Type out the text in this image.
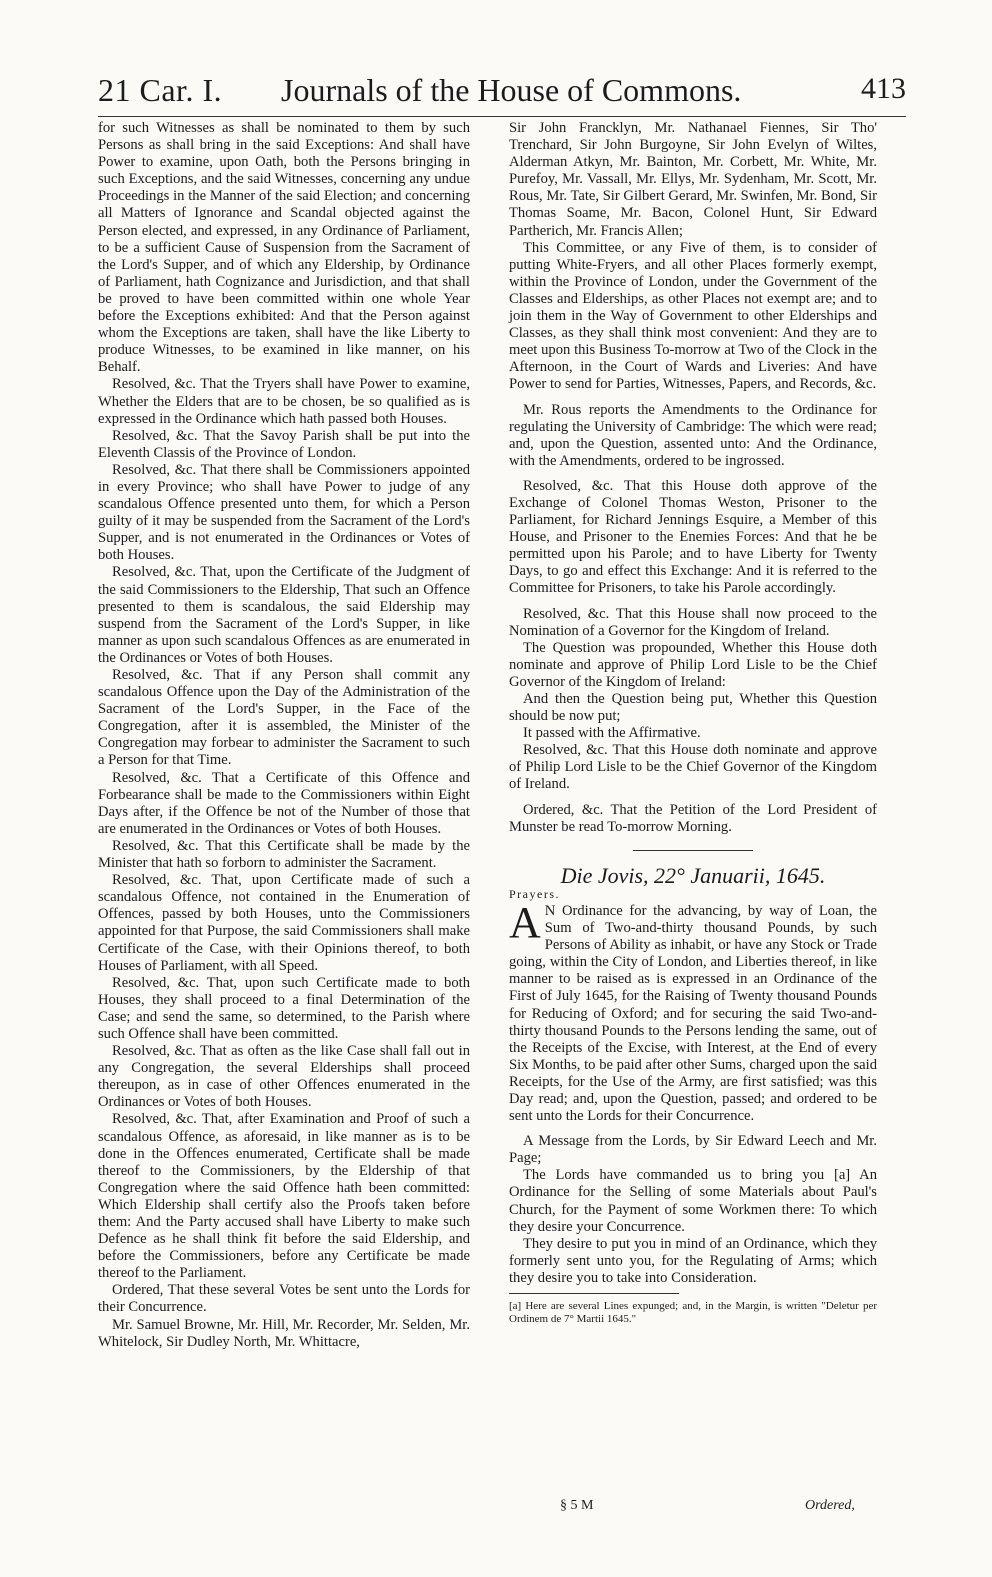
21 Car. I. Journals of the House of Commons.	413

for such Witnesses as shall be nominated to them by such Persons as shall bring in the said Exceptions: And shall have Power to examine, upon Oath, both the Persons bringing in such Exceptions, and the said Witnesses, concerning any undue Proceedings in the Manner of the said Election; and concerning all Matters of Ignorance and Scandal objected against the Person elected, and expressed, in any Ordinance of Parliament, to be a sufficient Cause of Suspension from the Sacrament of the Lord's Supper, and of which any Eldership, by Ordinance of Parliament, hath Cognizance and Jurisdiction, and that shall be proved to have been committed within one whole Year before the Exceptions exhibited: And that the Person against whom the Exceptions are taken, shall have the like Liberty to produce Witnesses, to be examined in like manner, on his Behalf.

Resolved, &c. That the Tryers shall have Power to examine, Whether the Elders that are to be chosen, be so qualified as is expressed in the Ordinance which hath passed both Houses.

Resolved, &c. That the Savoy Parish shall be put into the Eleventh Classis of the Province of London.

Resolved, &c. That there shall be Commissioners appointed in every Province; who shall have Power to judge of any scandalous Offence presented unto them, for which a Person guilty of it may be suspended from the Sacrament of the Lord's Supper, and is not enumerated in the Ordinances or Votes of both Houses.

Resolved, &c. That, upon the Certificate of the Judgment of the said Commissioners to the Eldership, That such an Offence presented to them is scandalous, the said Eldership may suspend from the Sacrament of the Lord's Supper, in like manner as upon such scandalous Offences as are enumerated in the Ordinances or Votes of both Houses.

Resolved, &c. That if any Person shall commit any scandalous Offence upon the Day of the Administration of the Sacrament of the Lord's Supper, in the Face of the Congregation, after it is assembled, the Minister of the Congregation may forbear to administer the Sacrament to such a Person for that Time.

Resolved, &c. That a Certificate of this Offence and Forbearance shall be made to the Commissioners within Eight Days after, if the Offence be not of the Number of those that are enumerated in the Ordinances or Votes of both Houses.

Resolved, &c. That this Certificate shall be made by the Minister that hath so forborn to administer the Sacrament.

Resolved, &c. That, upon Certificate made of such a scandalous Offence, not contained in the Enumeration of Offences, passed by both Houses, unto the Commissioners appointed for that Purpose, the said Commissioners shall make Certificate of the Case, with their Opinions thereof, to both Houses of Parliament, with all Speed.

Resolved, &c. That, upon such Certificate made to both Houses, they shall proceed to a final Determination of the Case; and send the same, so determined, to the Parish where such Offence shall have been committed.

Resolved, &c. That as often as the like Case shall fall out in any Congregation, the several Elderships shall proceed thereupon, as in case of other Offences enumerated in the Ordinances or Votes of both Houses.

Resolved, &c. That, after Examination and Proof of such a scandalous Offence, as aforesaid, in like manner as is to be done in the Offences enumerated, Certificate shall be made thereof to the Commissioners, by the Eldership of that Congregation where the said Offence hath been committed: Which Eldership shall certify also the Proofs taken before them: And the Party accused shall have Liberty to make such Defence as he shall think fit before the said Eldership, and before the Commissioners, before any Certificate be made thereof to the Parliament.

Ordered, That these several Votes be sent unto the Lords for their Concurrence.

Mr. Samuel Browne, Mr. Hill, Mr. Recorder, Mr. Selden, Mr. Whitelock, Sir Dudley North, Mr. Whittacre,

Sir John Francklyn, Mr. Nathanael Fiennes, Sir Tho' Trenchard, Sir John Burgoyne, Sir John Evelyn of Wiltes, Alderman Atkyn, Mr. Bainton, Mr. Corbett, Mr. White, Mr. Purefoy, Mr. Vassall, Mr. Ellys, Mr. Sydenham, Mr. Scott, Mr. Rous, Mr. Tate, Sir Gilbert Gerard, Mr. Swinfen, Mr. Bond, Sir Thomas Soame, Mr. Bacon, Colonel Hunt, Sir Edward Partherich, Mr. Francis Allen;

This Committee, or any Five of them, is to consider of putting White-Fryers, and all other Places formerly exempt, within the Province of London, under the Government of the Classes and Elderships, as other Places not exempt are; and to join them in the Way of Government to other Elderships and Classes, as they shall think most convenient: And they are to meet upon this Business To-morrow at Two of the Clock in the Afternoon, in the Court of Wards and Liveries: And have Power to send for Parties, Witnesses, Papers, and Records, &c.

Mr. Rous reports the Amendments to the Ordinance for regulating the University of Cambridge: The which were read; and, upon the Question, assented unto: And the Ordinance, with the Amendments, ordered to be ingrossed.

Resolved, &c. That this House doth approve of the Exchange of Colonel Thomas Weston, Prisoner to the Parliament, for Richard Jennings Esquire, a Member of this House, and Prisoner to the Enemies Forces: And that he be permitted upon his Parole; and to have Liberty for Twenty Days, to go and effect this Exchange: And it is referred to the Committee for Prisoners, to take his Parole accordingly.

Resolved, &c. That this House shall now proceed to the Nomination of a Governor for the Kingdom of Ireland.

The Question was propounded, Whether this House doth nominate and approve of Philip Lord Lisle to be the Chief Governor of the Kingdom of Ireland:

And then the Question being put, Whether this Question should be now put;

It passed with the Affirmative.

Resolved, &c. That this House doth nominate and approve of Philip Lord Lisle to be the Chief Governor of the Kingdom of Ireland.

Ordered, &c. That the Petition of the Lord President of Munster be read To-morrow Morning.

Die Jovis, 22° Januarii, 1645.

Prayers.

A N Ordinance for the advancing, by way of Loan, the Sum of Two-and-thirty thousand Pounds, by such Persons of Ability as inhabit, or have any Stock or Trade going, within the City of London, and Liberties thereof, in like manner to be raised as is expressed in an Ordinance of the First of July 1645, for the Raising of Twenty thousand Pounds for Reducing of Oxford; and for securing the said Two-and-thirty thousand Pounds to the Persons lending the same, out of the Receipts of the Excise, with Interest, at the End of every Six Months, to be paid after other Sums, charged upon the said Receipts, for the Use of the Army, are first satisfied; was this Day read; and, upon the Question, passed; and ordered to be sent unto the Lords for their Concurrence.

A Message from the Lords, by Sir Edward Leech and Mr. Page;

The Lords have commanded us to bring you [a] An Ordinance for the Selling of some Materials about Paul's Church, for the Payment of some Workmen there: To which they desire your Concurrence.

They desire to put you in mind of an Ordinance, which they formerly sent unto you, for the Regulating of Arms; which they desire you to take into Consideration.

[a] Here are several Lines expunged; and, in the Margin, is written "Deletur per Ordinem de 7° Martii 1645."

§ 5 M	Ordered,
